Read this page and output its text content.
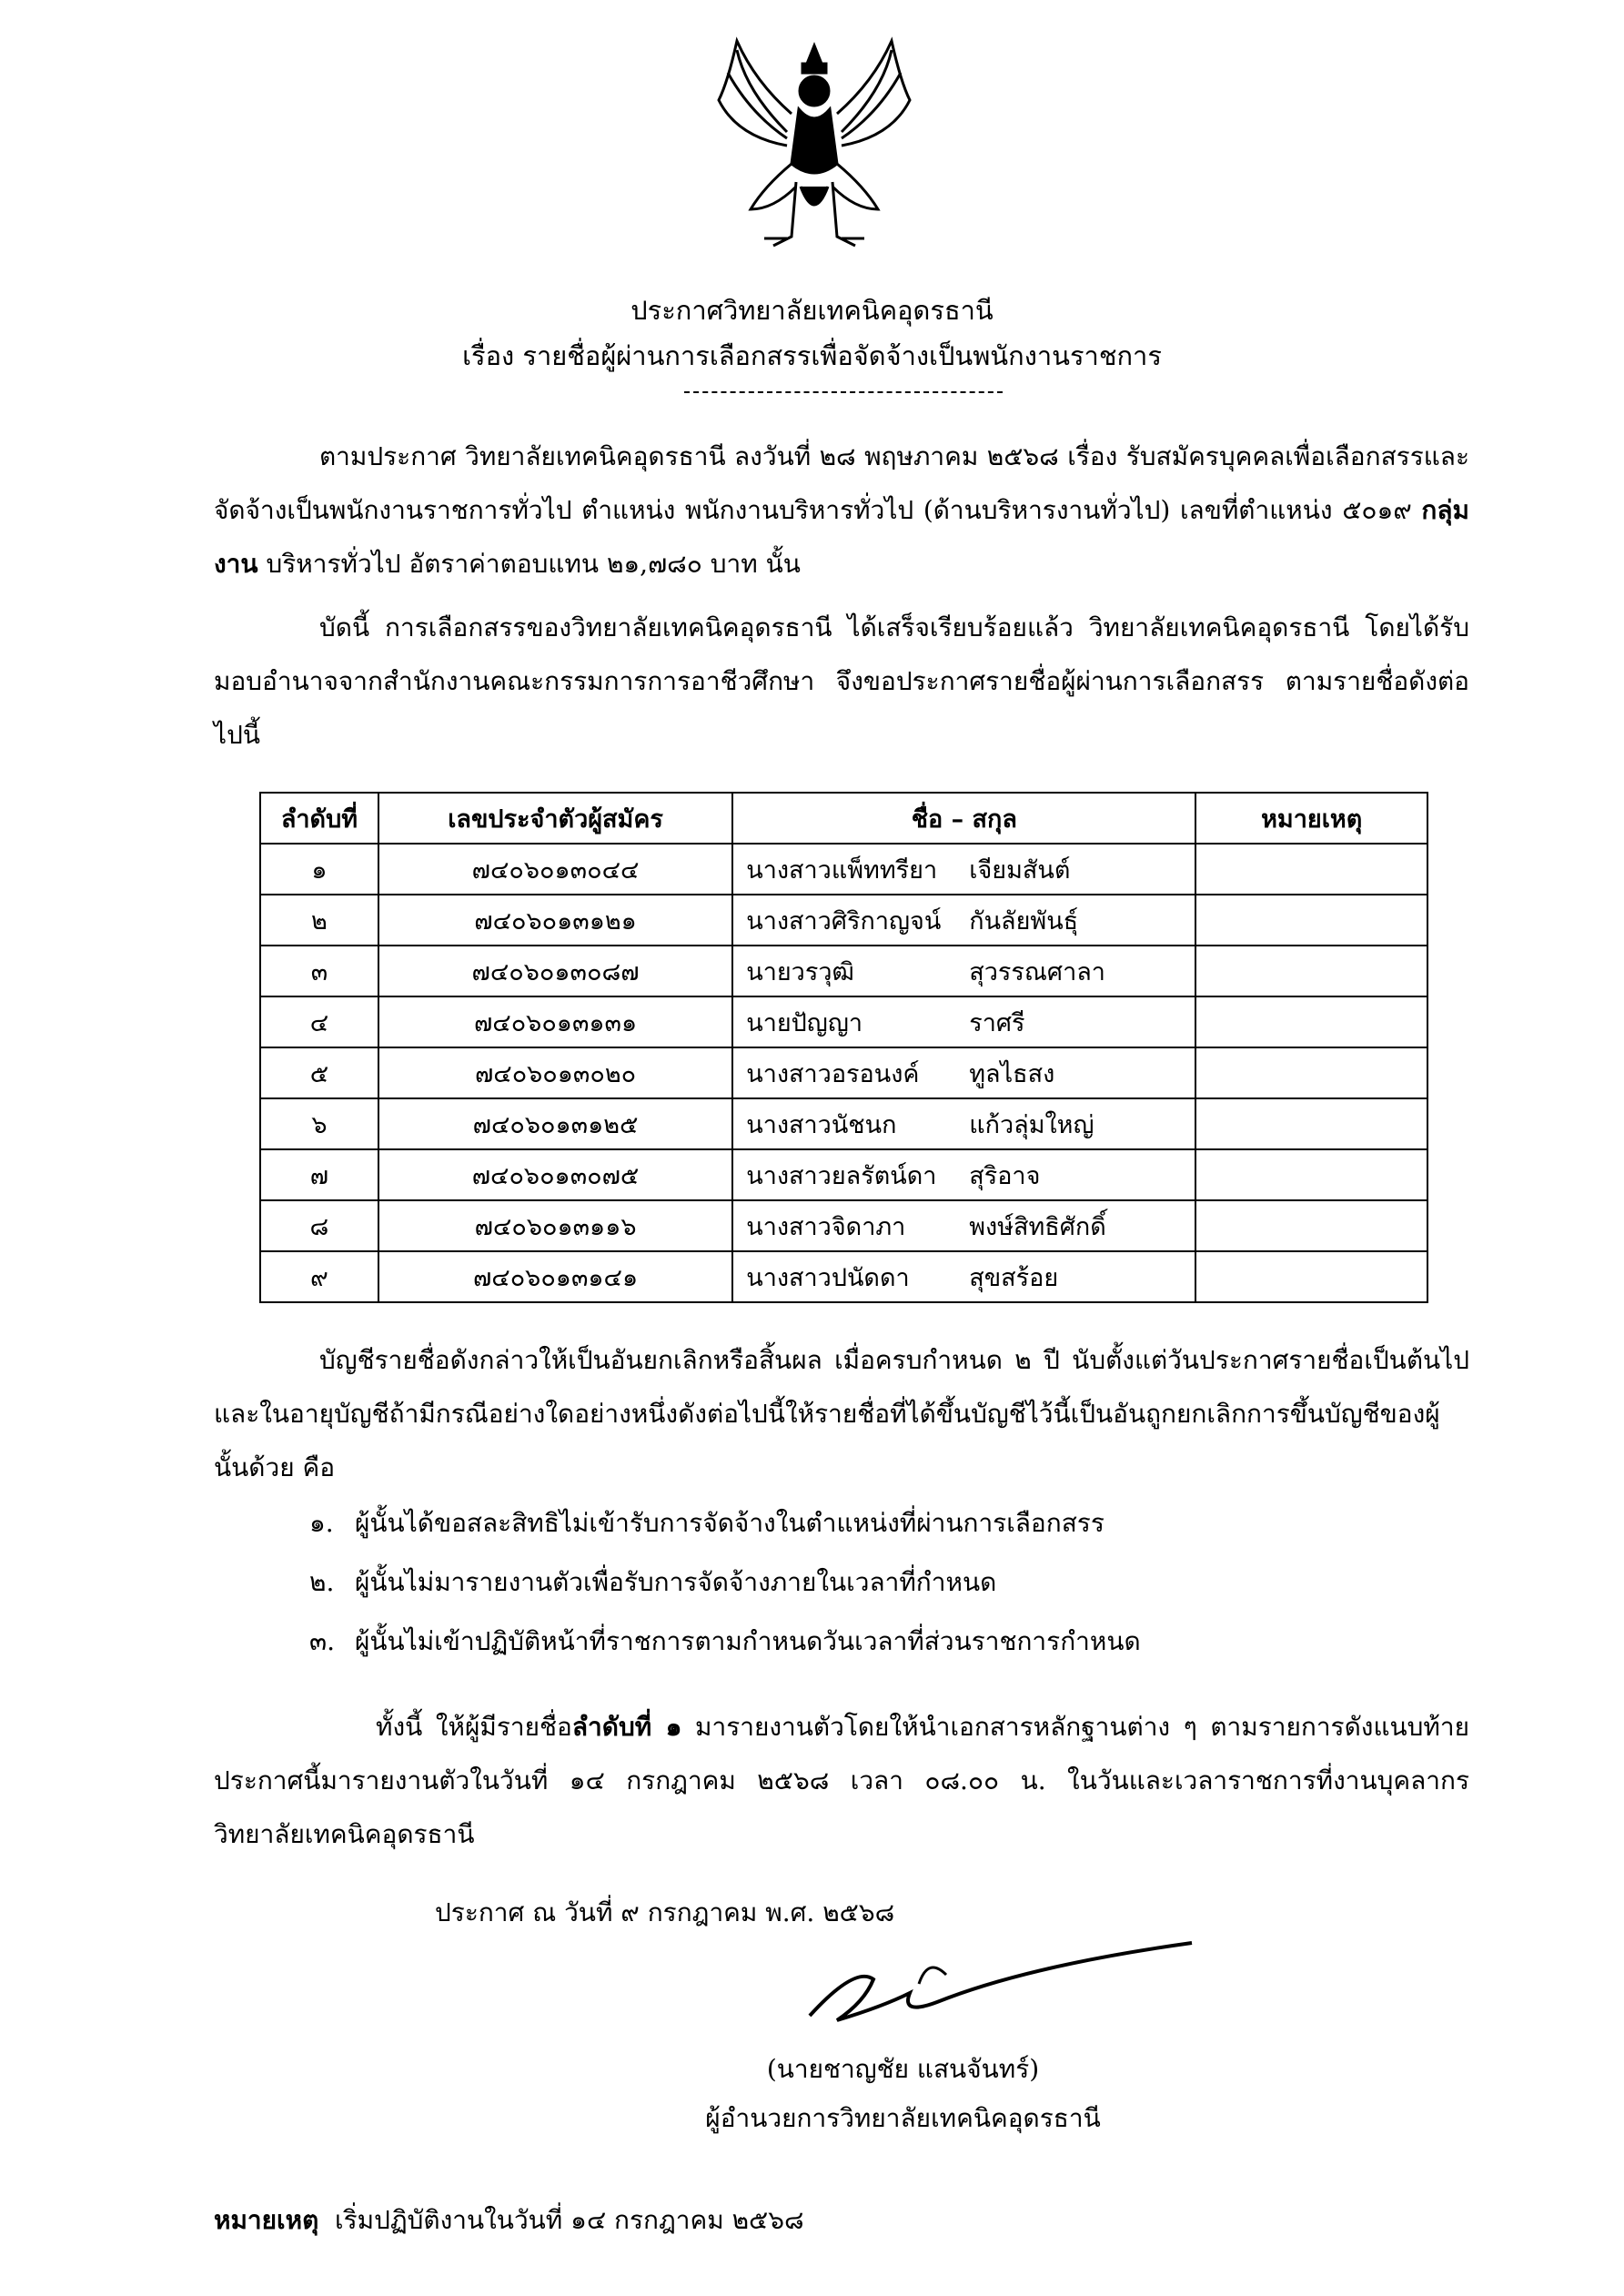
ประกาศวิทยาลัยเทคนิคอุดรธานี
เรื่อง รายชื่อผู้ผ่านการเลือกสรรเพื่อจัดจ้างเป็นพนักงานราชการ
ตามประกาศ วิทยาลัยเทคนิคอุดรธานี ลงวันที่ ๒๘ พฤษภาคม ๒๕๖๘ เรื่อง รับสมัครบุคคลเพื่อเลือกสรรและจัดจ้างเป็นพนักงานราชการทั่วไป ตำแหน่ง พนักงานบริหารทั่วไป (ด้านบริหารงานทั่วไป) เลขที่ตำแหน่ง ๕๐๑๙ กลุ่มงาน บริหารทั่วไป อัตราค่าตอบแทน ๒๑,๗๘๐ บาท นั้น
บัดนี้ การเลือกสรรของวิทยาลัยเทคนิคอุดรธานี ได้เสร็จเรียบร้อยแล้ว วิทยาลัยเทคนิคอุดรธานี โดยได้รับมอบอำนาจจากสำนักงานคณะกรรมการการอาชีวศึกษา จึงขอประกาศรายชื่อผู้ผ่านการเลือกสรร ตามรายชื่อดังต่อไปนี้
ลำดับที่	เลขประจำตัวผู้สมัคร	ชื่อ – สกุล	หมายเหตุ
๑	๗๔๐๖๐๑๓๐๔๔	นางสาวแพ็ททรียา เจียมสันต์	
๒	๗๔๐๖๐๑๓๑๒๑	นางสาวศิริกาญจน์ กันลัยพันธุ์	
๓	๗๔๐๖๐๑๓๐๘๗	นายวรวุฒิ สุวรรณศาลา	
๔	๗๔๐๖๐๑๓๑๓๑	นายปัญญา ราศรี	
๕	๗๔๐๖๐๑๓๐๒๐	นางสาวอรอนงค์ ทูลไธสง	
๖	๗๔๐๖๐๑๓๑๒๕	นางสาวนัชนก แก้วลุ่มใหญ่	
๗	๗๔๐๖๐๑๓๐๗๕	นางสาวยลรัตน์ดา สุริอาจ	
๘	๗๔๐๖๐๑๓๑๑๖	นางสาวจิดาภา พงษ์สิทธิศักดิ์	
๙	๗๔๐๖๐๑๓๑๔๑	นางสาวปนัดดา สุขสร้อย	
บัญชีรายชื่อดังกล่าวให้เป็นอันยกเลิกหรือสิ้นผล เมื่อครบกำหนด ๒ ปี นับตั้งแต่วันประกาศรายชื่อเป็นต้นไป และในอายุบัญชีถ้ามีกรณีอย่างใดอย่างหนึ่งดังต่อไปนี้ให้รายชื่อที่ได้ขึ้นบัญชีไว้นี้เป็นอันถูกยกเลิกการขึ้นบัญชีของผู้นั้นด้วย คือ
๑. ผู้นั้นได้ขอสละสิทธิไม่เข้ารับการจัดจ้างในตำแหน่งที่ผ่านการเลือกสรร
๒. ผู้นั้นไม่มารายงานตัวเพื่อรับการจัดจ้างภายในเวลาที่กำหนด
๓. ผู้นั้นไม่เข้าปฏิบัติหน้าที่ราชการตามกำหนดวันเวลาที่ส่วนราชการกำหนด
ทั้งนี้ ให้ผู้มีรายชื่อลำดับที่ ๑ มารายงานตัวโดยให้นำเอกสารหลักฐานต่าง ๆ ตามรายการดังแนบท้ายประกาศนี้มารายงานตัวในวันที่ ๑๔ กรกฎาคม ๒๕๖๘ เวลา ๐๘.๐๐ น. ในวันและเวลาราชการที่งานบุคลากร วิทยาลัยเทคนิคอุดรธานี
ประกาศ ณ วันที่ ๙ กรกฎาคม พ.ศ. ๒๕๖๘
(นายชาญชัย แสนจันทร์)
ผู้อำนวยการวิทยาลัยเทคนิคอุดรธานี
หมายเหตุ เริ่มปฏิบัติงานในวันที่ ๑๔ กรกฎาคม ๒๕๖๘
